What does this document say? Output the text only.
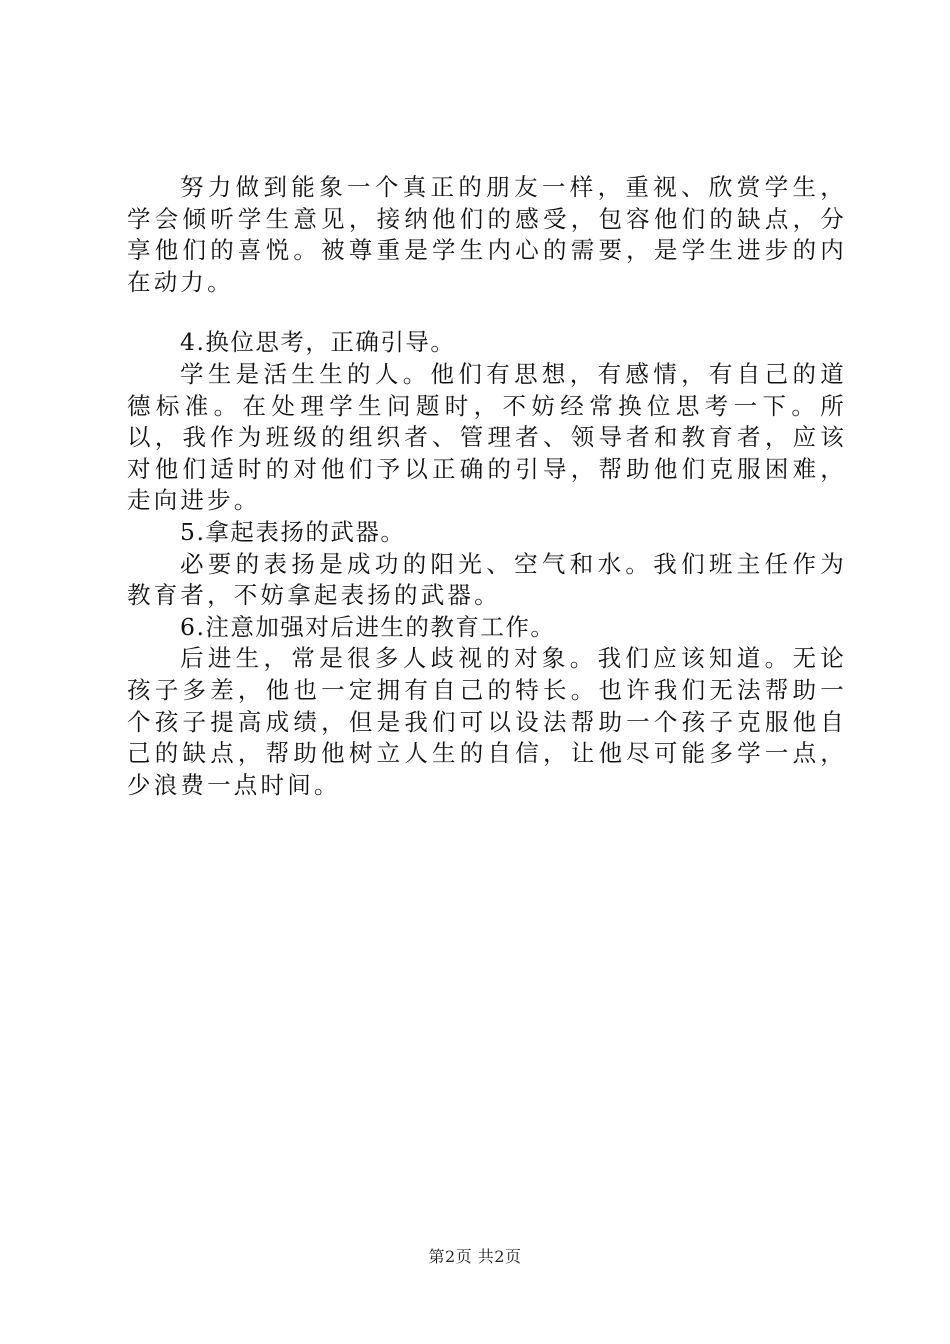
努力做到能象一个真正的朋友一样，重视、欣赏学生，学会倾听学生意见，接纳他们的感受，包容他们的缺点，分享他们的喜悦。被尊重是学生内心的需要，是学生进步的内在动力。

4.换位思考，正确引导。

学生是活生生的人。他们有思想，有感情，有自己的道德标准。在处理学生问题时，不妨经常换位思考一下。所以，我作为班级的组织者、管理者、领导者和教育者，应该对他们适时的对他们予以正确的引导，帮助他们克服困难，走向进步。

5.拿起表扬的武器。

必要的表扬是成功的阳光、空气和水。我们班主任作为教育者，不妨拿起表扬的武器。

6.注意加强对后进生的教育工作。

后进生，常是很多人歧视的对象。我们应该知道。无论孩子多差，他也一定拥有自己的特长。也许我们无法帮助一个孩子提高成绩，但是我们可以设法帮助一个孩子克服他自己的缺点，帮助他树立人生的自信，让他尽可能多学一点，少浪费一点时间。

第2页 共2页
